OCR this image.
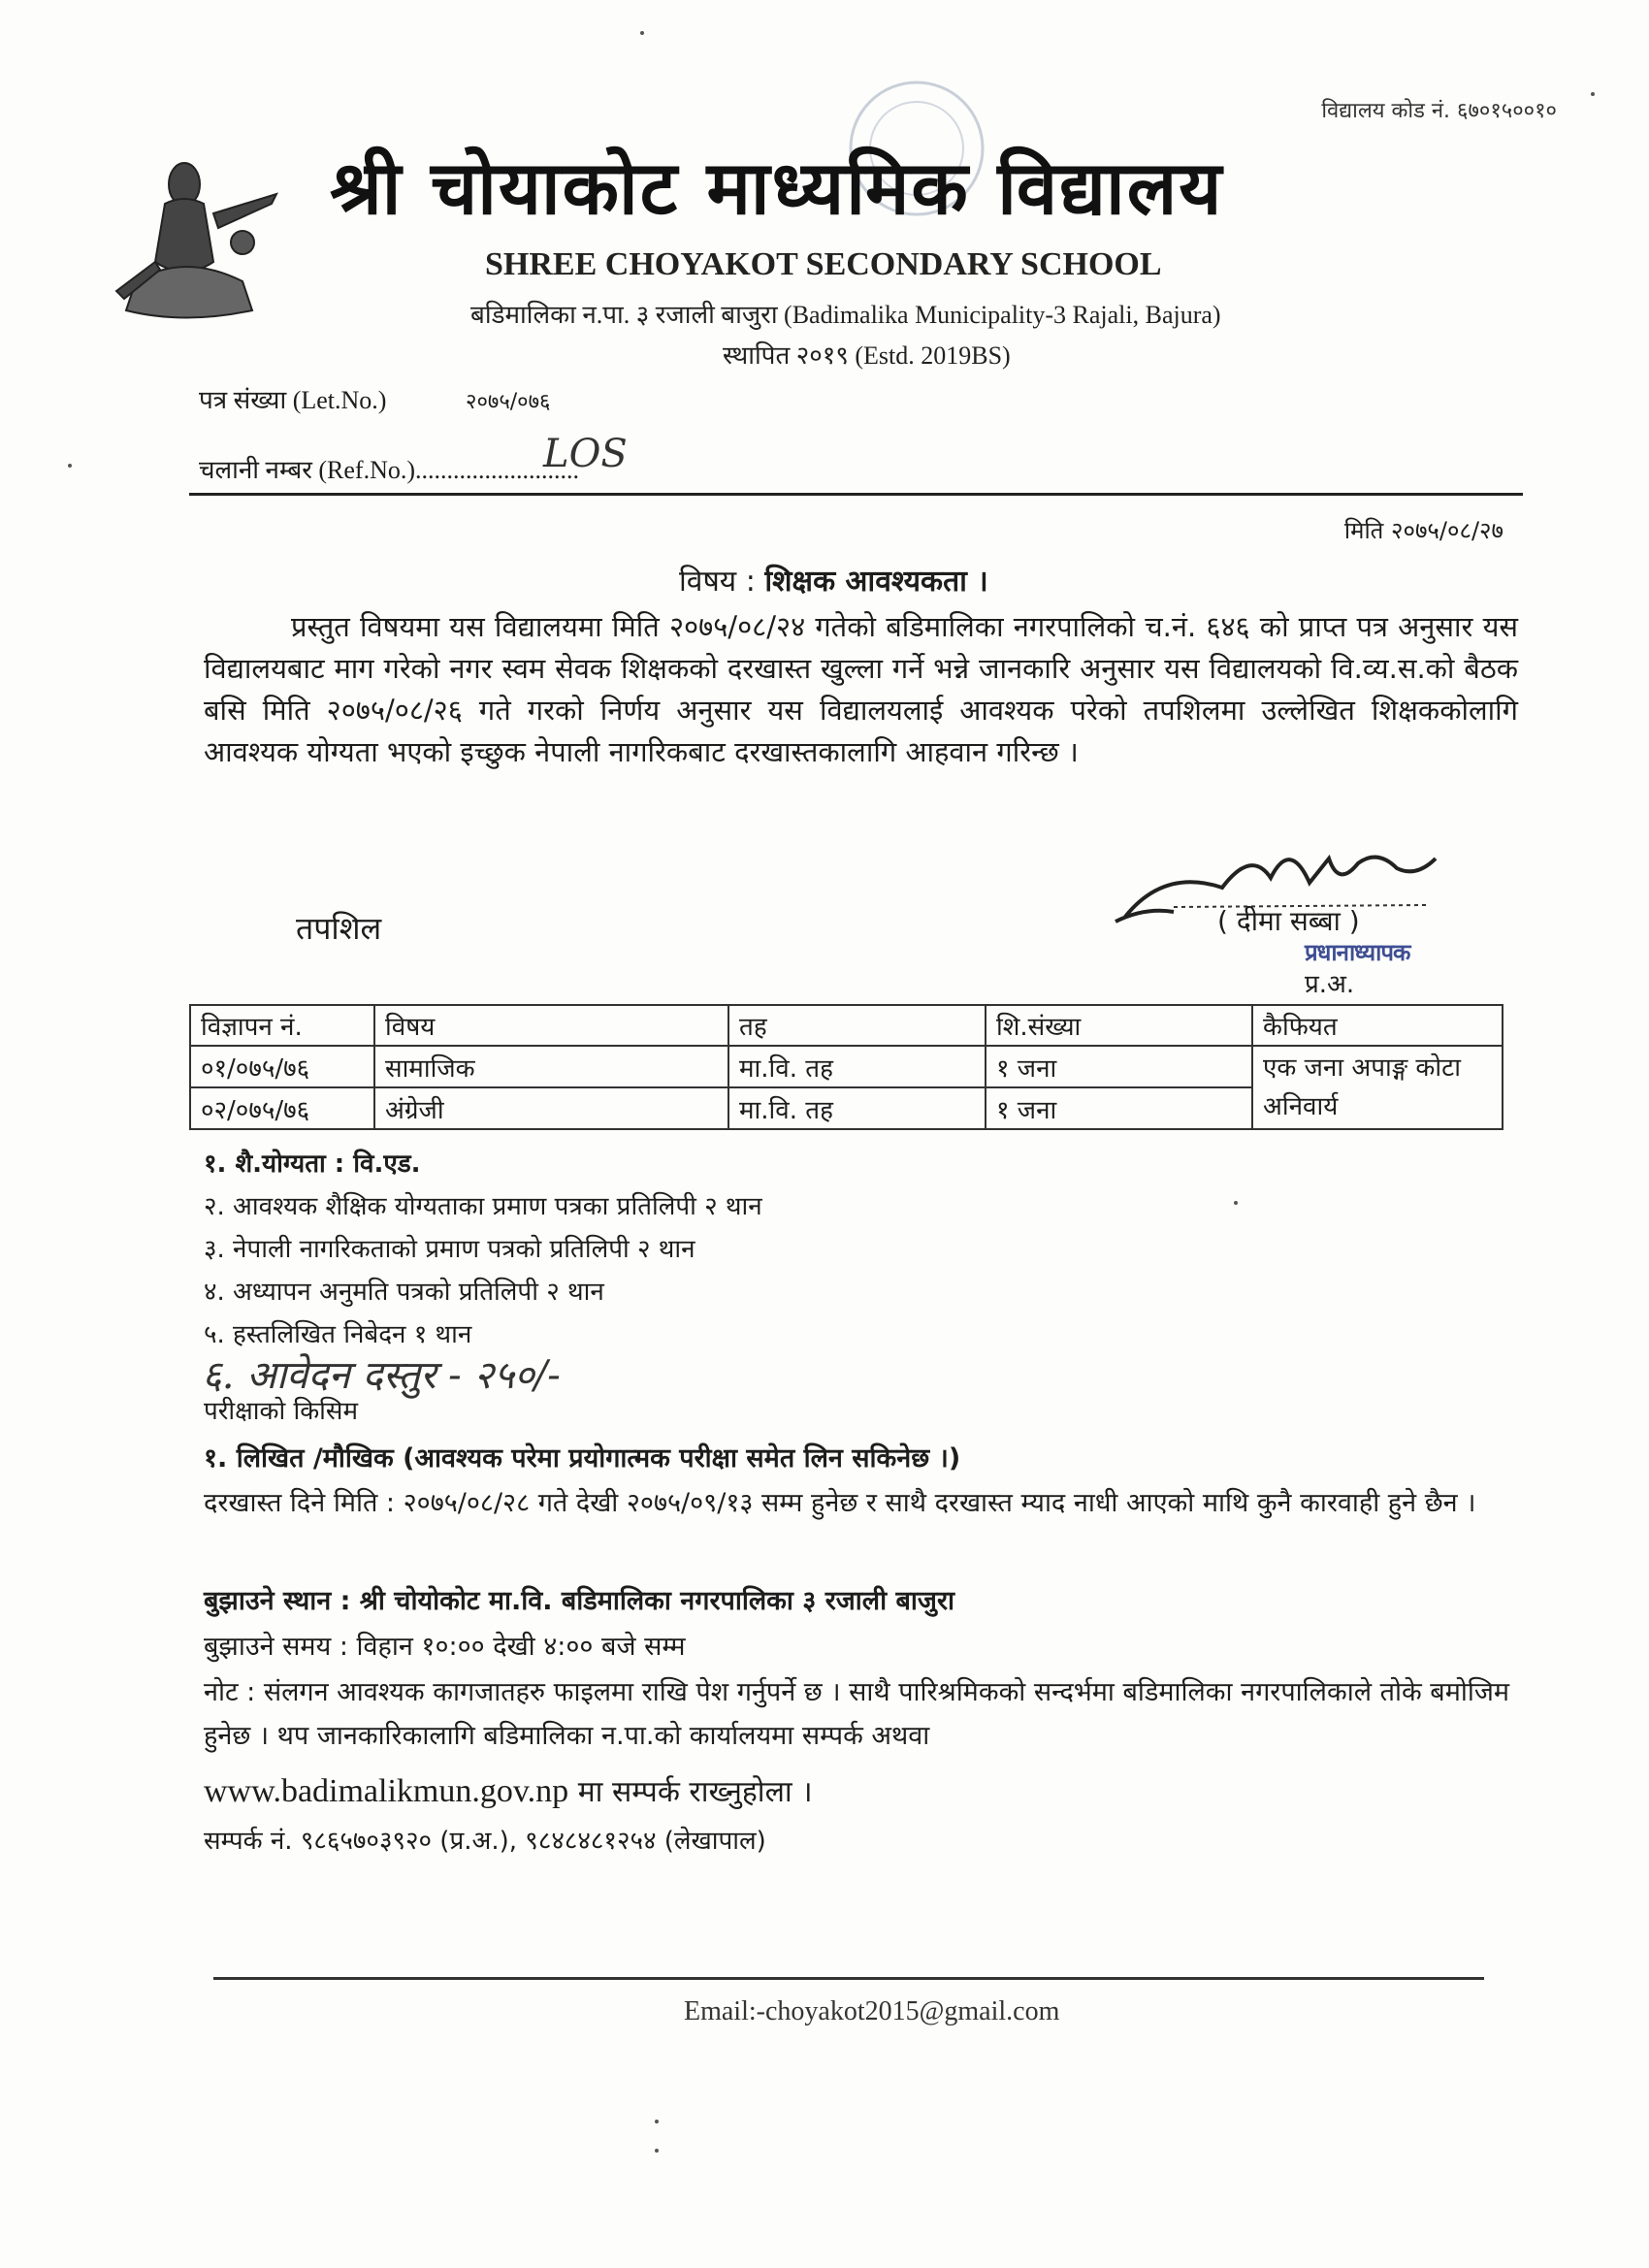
विद्यालय कोड नं. ६७०१५००१०
श्री चोयाकोट माध्यमिक विद्यालय
SHREE CHOYAKOT SECONDARY SCHOOL
बडिमालिका न.पा. ३ रजाली बाजुरा (Badimalika Municipality-3 Rajali, Bajura)
स्थापित २०१९ (Estd. 2019BS)
पत्र संख्या (Let.No.)	२०७५/०७६
चलानी नम्बर (Ref.No.)..........................
LOS
मिति २०७५/०८/२७
विषय : शिक्षक आवश्यकता ।
प्रस्तुत विषयमा यस विद्यालयमा मिति २०७५/०८/२४ गतेको बडिमालिका नगरपालिको च.नं. ६४६ को प्राप्त पत्र अनुसार यस विद्यालयबाट माग गरेको नगर स्वम सेवक शिक्षकको दरखास्त खुल्ला गर्ने भन्ने जानकारि अनुसार यस विद्यालयको वि.व्य.स.को बैठक बसि मिति २०७५/०८/२६ गते गरको निर्णय अनुसार यस विद्यालयलाई आवश्यक परेको तपशिलमा उल्लेखित शिक्षककोलागि आवश्यक योग्यता भएको इच्छुक नेपाली नागरिकबाट दरखास्तकालागि आहवान गरिन्छ ।
तपशिल	( दीमा सब्बा )
प्रधानाध्यापक
प्र.अ.
विज्ञापन नं.	विषय	तह	शि.संख्या	कैफियत
०१/०७५/७६	सामाजिक	मा.वि. तह	१ जना	एक जना अपाङ्ग कोटा अनिवार्य
०२/०७५/७६	अंग्रेजी	मा.वि. तह	१ जना	
१. शै.योग्यता : वि.एड.
२. आवश्यक शैक्षिक योग्यताका प्रमाण पत्रका प्रतिलिपी २ थान
३. नेपाली नागरिकताको प्रमाण पत्रको प्रतिलिपी २ थान
४. अध्यापन अनुमति पत्रको प्रतिलिपी २ थान
५. हस्तलिखित निबेदन १ थान
६. आवेदन दस्तुर - २५०/-
परीक्षाको किसिम
१. लिखित /मौखिक (आवश्यक परेमा प्रयोगात्मक परीक्षा समेत लिन सकिनेछ ।)
दरखास्त दिने मिति : २०७५/०८/२८ गते देखी २०७५/०९/१३ सम्म हुनेछ र साथै दरखास्त म्याद नाधी आएको माथि कुनै कारवाही हुने छैन ।
बुझाउने स्थान : श्री चोयोकोट मा.वि. बडिमालिका नगरपालिका ३ रजाली बाजुरा
बुझाउने समय : विहान १०:०० देखी ४:०० बजे सम्म
नोट : संलगन आवश्यक कागजातहरु फाइलमा राखि पेश गर्नुपर्ने छ । साथै पारिश्रमिकको सन्दर्भमा बडिमालिका नगरपालिकाले तोके बमोजिम हुनेछ । थप जानकारिकालागि बडिमालिका न.पा.को कार्यालयमा सम्पर्क अथवा
www.badimalikmun.gov.np मा सम्पर्क राख्नुहोला ।
सम्पर्क नं. ९८६५७०३९२० (प्र.अ.), ९८४८४८१२५४ (लेखापाल)
Email:-choyakot2015@gmail.com
